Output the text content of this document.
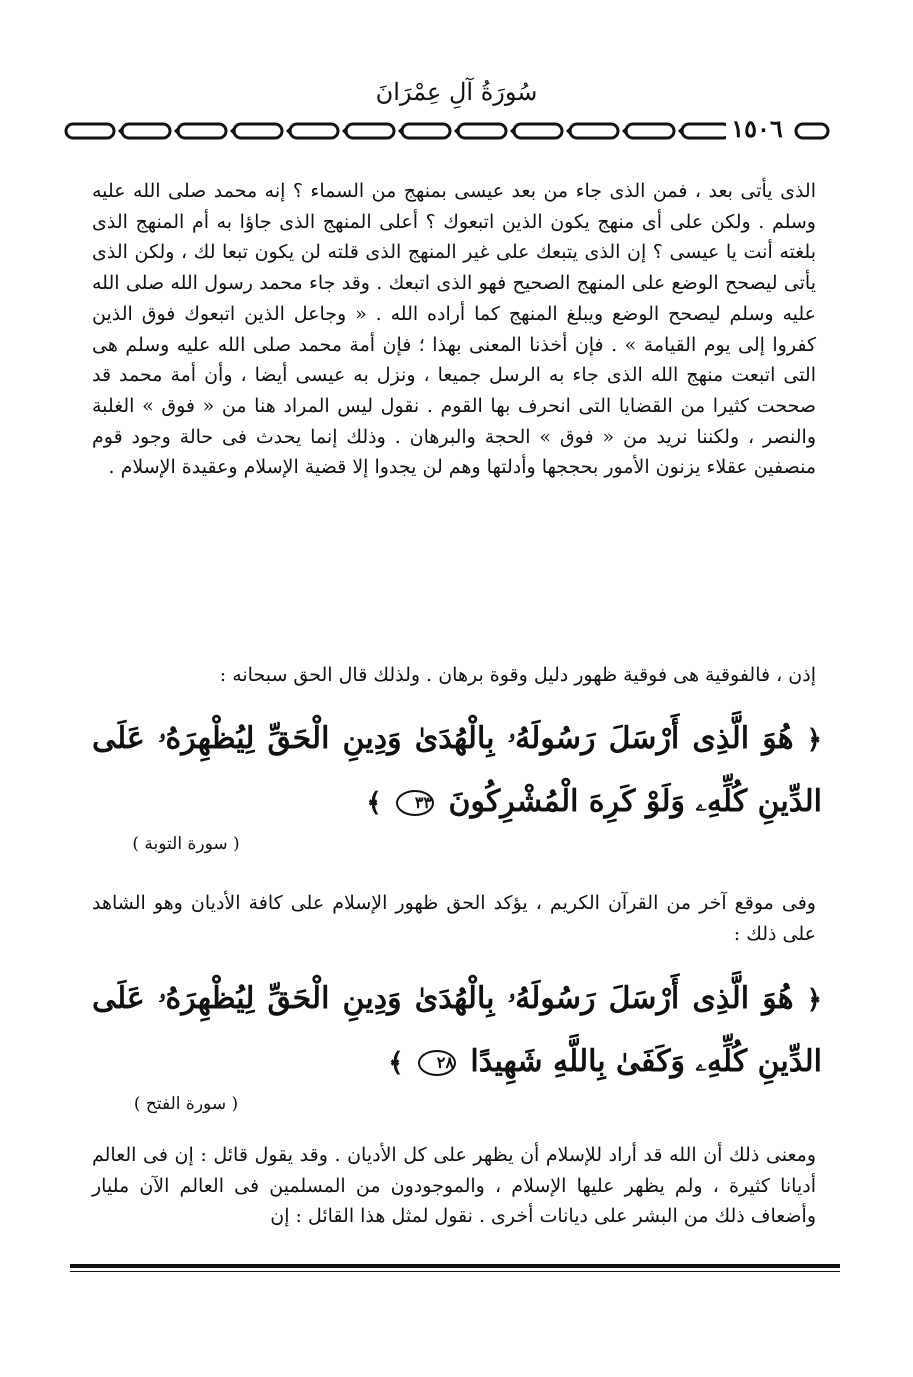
سُورَةُ آلِ عِمْرَانَ
١٥٠٦
الذى يأتى بعد ، فمن الذى جاء من بعد عيسى بمنهج من السماء ؟ إنه محمد صلى الله عليه وسلم . ولكن على أى منهج يكون الذين اتبعوك ؟ أعلى المنهج الذى جاؤا به أم المنهج الذى بلغته أنت يا عيسى ؟ إن الذى يتبعك على غير المنهج الذى قلته لن يكون تبعا لك ، ولكن الذى يأتى ليصحح الوضع على المنهج الصحيح فهو الذى اتبعك . وقد جاء محمد رسول الله صلى الله عليه وسلم ليصحح الوضع ويبلغ المنهج كما أراده الله . « وجاعل الذين اتبعوك فوق الذين كفروا إلى يوم القيامة » . فإن أخذنا المعنى بهذا ؛ فإن أمة محمد صلى الله عليه وسلم هى التى اتبعت منهج الله الذى جاء به الرسل جميعا ، ونزل به عيسى أيضا ، وأن أمة محمد قد صححت كثيرا من القضايا التى انحرف بها القوم . نقول ليس المراد هنا من « فوق » الغلبة والنصر ، ولكننا نريد من « فوق » الحجة والبرهان . وذلك إنما يحدث فى حالة وجود قوم منصفين عقلاء يزنون الأمور بحججها وأدلتها وهم لن يجدوا إلا قضية الإسلام وعقيدة الإسلام .
إذن ، فالفوقية هى فوقية ظهور دليل وقوة برهان . ولذلك قال الحق سبحانه :
﴿ هُوَ الَّذِى أَرْسَلَ رَسُولَهُۥ بِالْهُدَىٰ وَدِينِ الْحَقِّ لِيُظْهِرَهُۥ عَلَى الدِّينِ كُلِّهِۦ وَلَوْ كَرِهَ الْمُشْرِكُونَ ٣٣ ﴾
( سورة التوبة )
وفى موقع آخر من القرآن الكريم ، يؤكد الحق ظهور الإسلام على كافة الأديان وهو الشاهد على ذلك :
﴿ هُوَ الَّذِى أَرْسَلَ رَسُولَهُۥ بِالْهُدَىٰ وَدِينِ الْحَقِّ لِيُظْهِرَهُۥ عَلَى الدِّينِ كُلِّهِۦ وَكَفَىٰ بِاللَّهِ شَهِيدًا ٢٨ ﴾
( سورة الفتح )
ومعنى ذلك أن الله قد أراد للإسلام أن يظهر على كل الأديان . وقد يقول قائل : إن فى العالم أديانا كثيرة ، ولم يظهر عليها الإسلام ، والموجودون من المسلمين فى العالم الآن مليار وأضعاف ذلك من البشر على ديانات أخرى . نقول لمثل هذا القائل : إن
